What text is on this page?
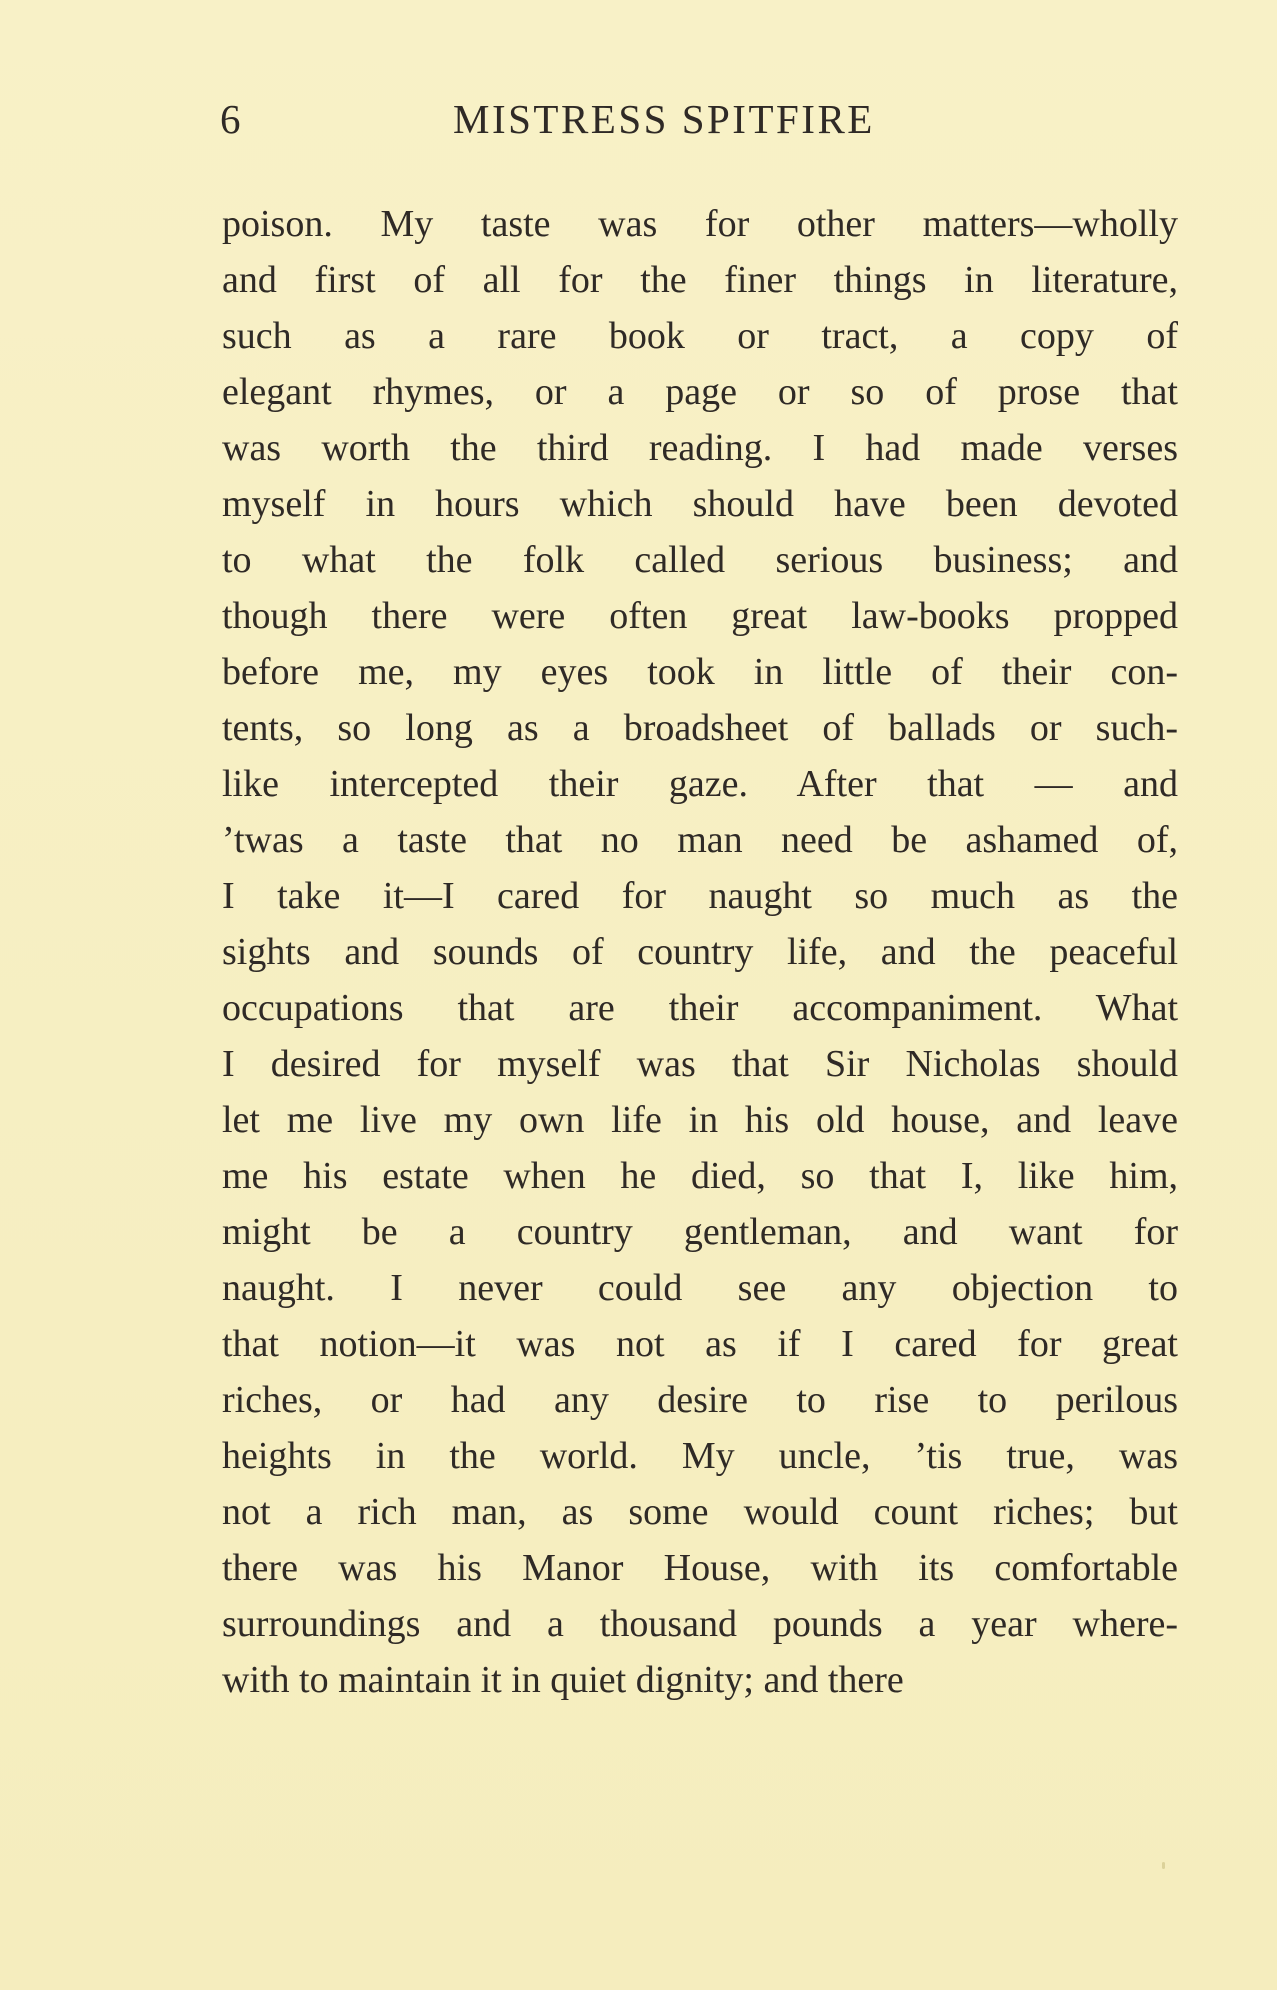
6	MISTRESS SPITFIRE
poison. My taste was for other matters—wholly
and first of all for the finer things in literature,
such as a rare book or tract, a copy of
elegant rhymes, or a page or so of prose that
was worth the third reading. I had made verses
myself in hours which should have been devoted
to what the folk called serious business; and
though there were often great law-books propped
before me, my eyes took in little of their con-
tents, so long as a broadsheet of ballads or such-
like intercepted their gaze. After that — and
’twas a taste that no man need be ashamed of,
I take it—I cared for naught so much as the
sights and sounds of country life, and the peaceful
occupations that are their accompaniment. What
I desired for myself was that Sir Nicholas should
let me live my own life in his old house, and leave
me his estate when he died, so that I, like him,
might be a country gentleman, and want for
naught. I never could see any objection to
that notion—it was not as if I cared for great
riches, or had any desire to rise to perilous
heights in the world. My uncle, ’tis true, was
not a rich man, as some would count riches; but
there was his Manor House, with its comfortable
surroundings and a thousand pounds a year where-
with to maintain it in quiet dignity; and there
